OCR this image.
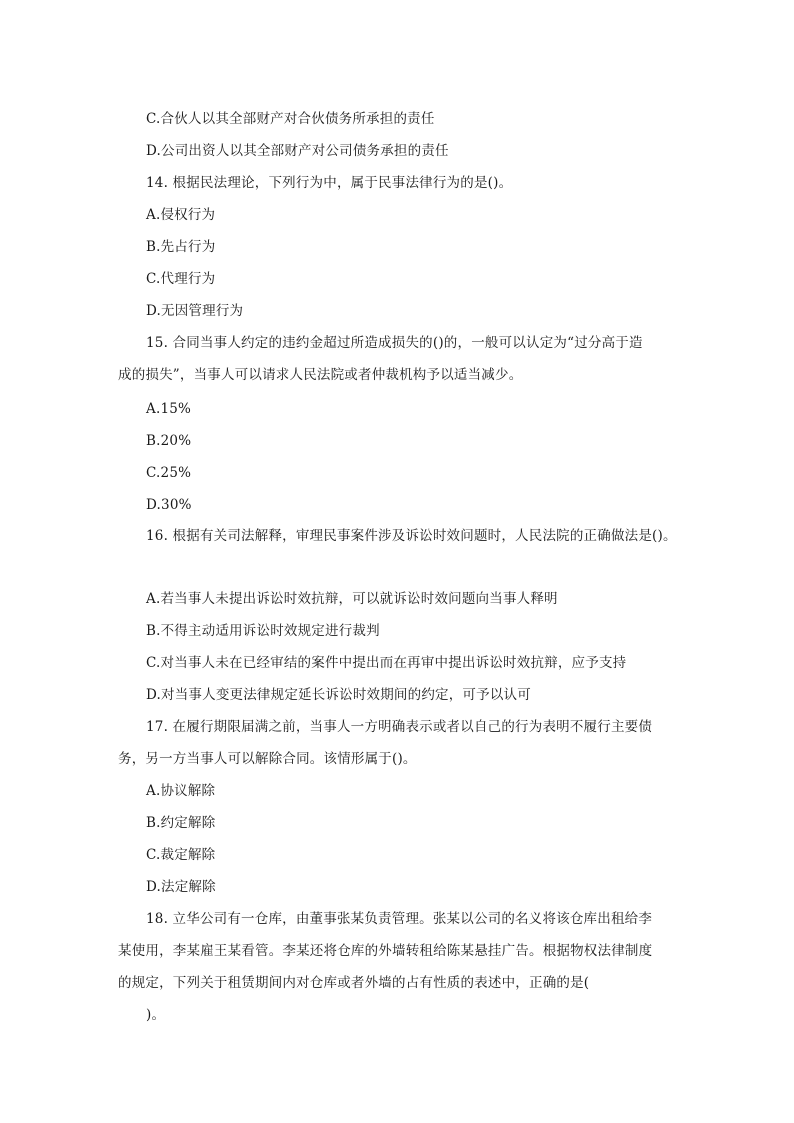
C.合伙人以其全部财产对合伙债务所承担的责任
D.公司出资人以其全部财产对公司债务承担的责任
14. 根据民法理论，下列行为中，属于民事法律行为的是()。
A.侵权行为
B.先占行为
C.代理行为
D.无因管理行为
15. 合同当事人约定的违约金超过所造成损失的()的，一般可以认定为“过分高于造
成的损失”，当事人可以请求人民法院或者仲裁机构予以适当减少。
A.15%
B.20%
C.25%
D.30%
16. 根据有关司法解释，审理民事案件涉及诉讼时效问题时，人民法院的正确做法是()。
A.若当事人未提出诉讼时效抗辩，可以就诉讼时效问题向当事人释明
B.不得主动适用诉讼时效规定进行裁判
C.对当事人未在已经审结的案件中提出而在再审中提出诉讼时效抗辩，应予支持
D.对当事人变更法律规定延长诉讼时效期间的约定，可予以认可
17. 在履行期限届满之前，当事人一方明确表示或者以自己的行为表明不履行主要债
务，另一方当事人可以解除合同。该情形属于()。
A.协议解除
B.约定解除
C.裁定解除
D.法定解除
18. 立华公司有一仓库，由董事张某负责管理。张某以公司的名义将该仓库出租给李
某使用，李某雇王某看管。李某还将仓库的外墙转租给陈某悬挂广告。根据物权法律制度
的规定，下列关于租赁期间内对仓库或者外墙的占有性质的表述中，正确的是(
)。
